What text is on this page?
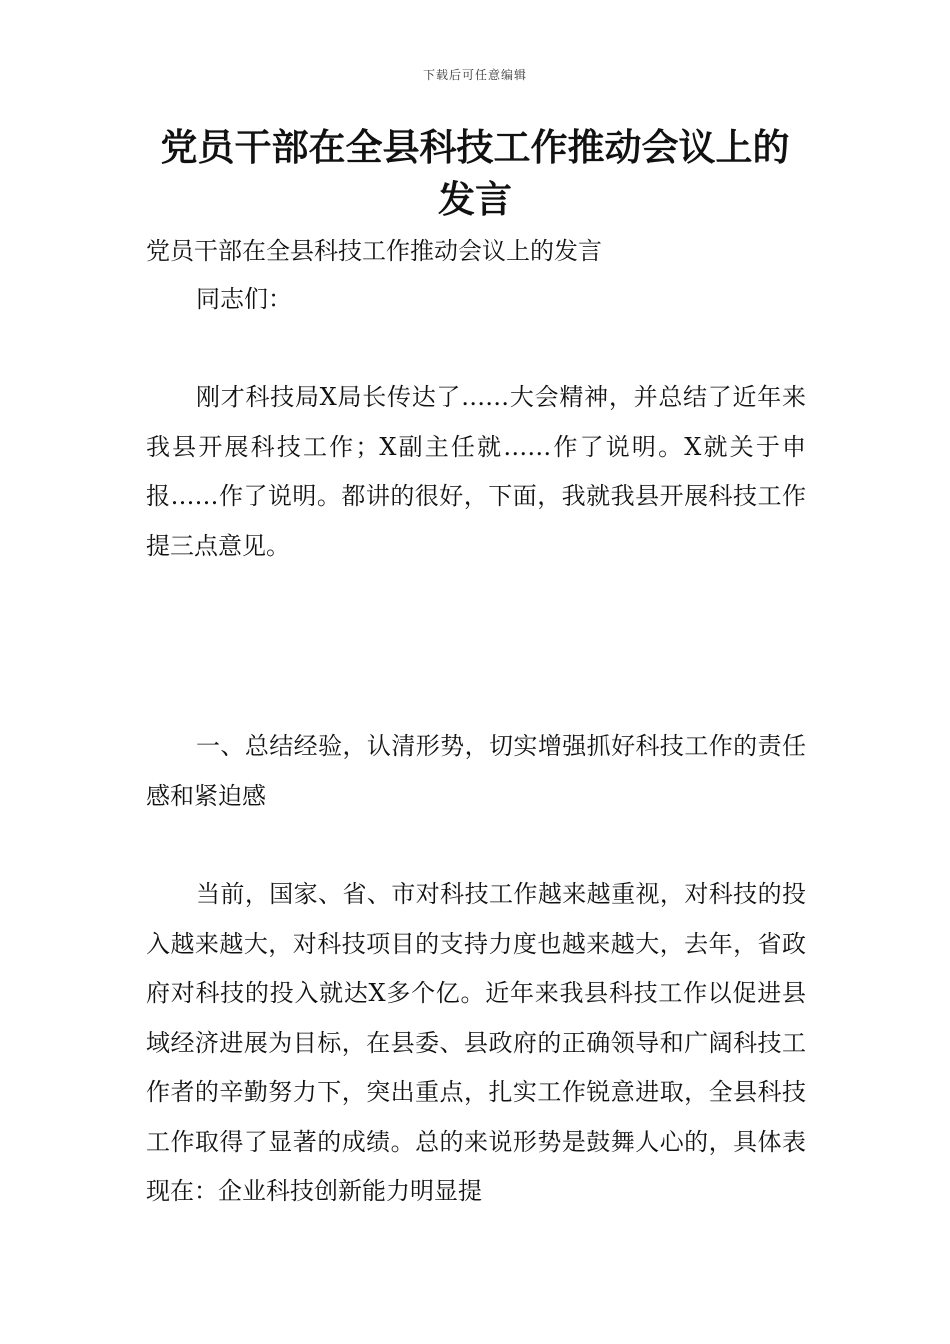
下载后可任意编辑
党员干部在全县科技工作推动会议上的发言

党员干部在全县科技工作推动会议上的发言

同志们：

刚才科技局X局长传达了……大会精神，并总结了近年来我县开展科技工作；X副主任就……作了说明。X就关于申报……作了说明。都讲的很好，下面，我就我县开展科技工作提三点意见。

一、总结经验，认清形势，切实增强抓好科技工作的责任感和紧迫感

当前，国家、省、市对科技工作越来越重视，对科技的投入越来越大，对科技项目的支持力度也越来越大，去年，省政府对科技的投入就达X多个亿。近年来我县科技工作以促进县域经济进展为目标，在县委、县政府的正确领导和广阔科技工作者的辛勤努力下，突出重点，扎实工作锐意进取，全县科技工作取得了显著的成绩。总的来说形势是鼓舞人心的，具体表现在：企业科技创新能力明显提
